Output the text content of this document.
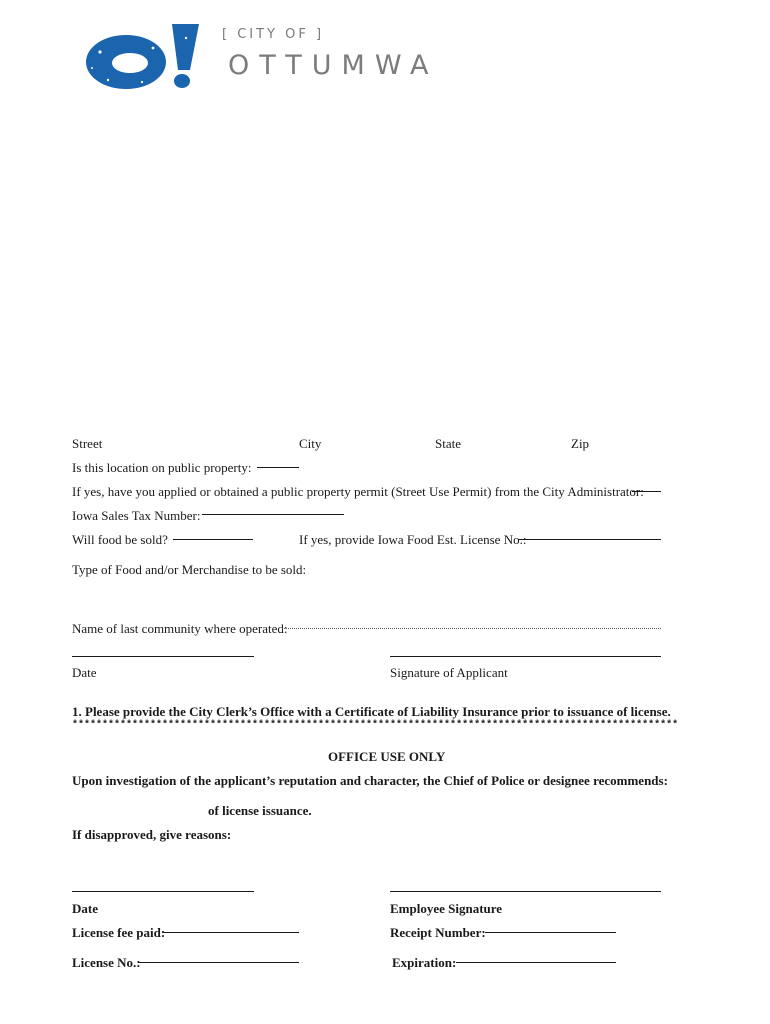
[ CITY OF ]
OTTUMWA
Street	City	State	Zip
Is this location on public property:
If yes, have you applied or obtained a public property permit (Street Use Permit) from the City Administrator:
Iowa Sales Tax Number:
Will food be sold?	If yes, provide Iowa Food Est. License No.:
Type of Food and/or Merchandise to be sold:
Name of last community where operated:
Date	Signature of Applicant
1. Please provide the City Clerk’s Office with a Certificate of Liability Insurance prior to issuance of license.
*****************************************************************************************************
OFFICE USE ONLY
Upon investigation of the applicant’s reputation and character, the Chief of Police or designee recommends:
of license issuance.
If disapproved, give reasons:
Date	Employee Signature
License fee paid:	Receipt Number:
License No.:	Expiration:
